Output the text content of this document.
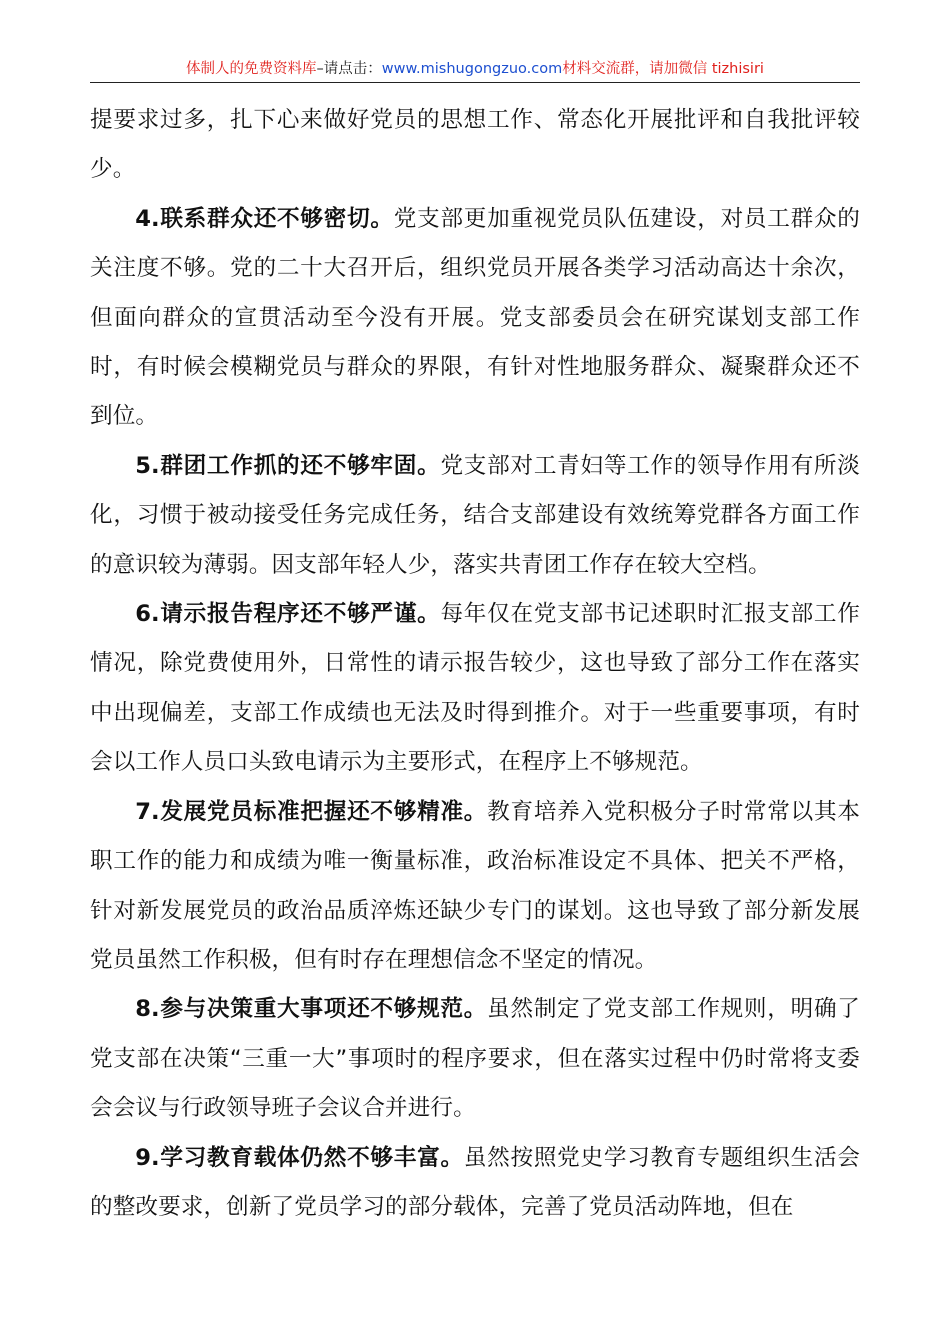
体制人的免费资料库–请点击：www.mishugongzuo.com材料交流群，请加微信 tizhisiri

提要求过多，扎下心来做好党员的思想工作、常态化开展批评和自我批评较少。

4.联系群众还不够密切。党支部更加重视党员队伍建设，对员工群众的关注度不够。党的二十大召开后，组织党员开展各类学习活动高达十余次，但面向群众的宣贯活动至今没有开展。党支部委员会在研究谋划支部工作时，有时候会模糊党员与群众的界限，有针对性地服务群众、凝聚群众还不到位。

5.群团工作抓的还不够牢固。党支部对工青妇等工作的领导作用有所淡化，习惯于被动接受任务完成任务，结合支部建设有效统筹党群各方面工作的意识较为薄弱。因支部年轻人少，落实共青团工作存在较大空档。

6.请示报告程序还不够严谨。每年仅在党支部书记述职时汇报支部工作情况，除党费使用外，日常性的请示报告较少，这也导致了部分工作在落实中出现偏差，支部工作成绩也无法及时得到推介。对于一些重要事项，有时会以工作人员口头致电请示为主要形式，在程序上不够规范。

7.发展党员标准把握还不够精准。教育培养入党积极分子时常常以其本职工作的能力和成绩为唯一衡量标准，政治标准设定不具体、把关不严格，针对新发展党员的政治品质淬炼还缺少专门的谋划。这也导致了部分新发展党员虽然工作积极，但有时存在理想信念不坚定的情况。

8.参与决策重大事项还不够规范。虽然制定了党支部工作规则，明确了党支部在决策“三重一大”事项时的程序要求，但在落实过程中仍时常将支委会会议与行政领导班子会议合并进行。

9.学习教育载体仍然不够丰富。虽然按照党史学习教育专题组织生活会的整改要求，创新了党员学习的部分载体，完善了党员活动阵地，但在
